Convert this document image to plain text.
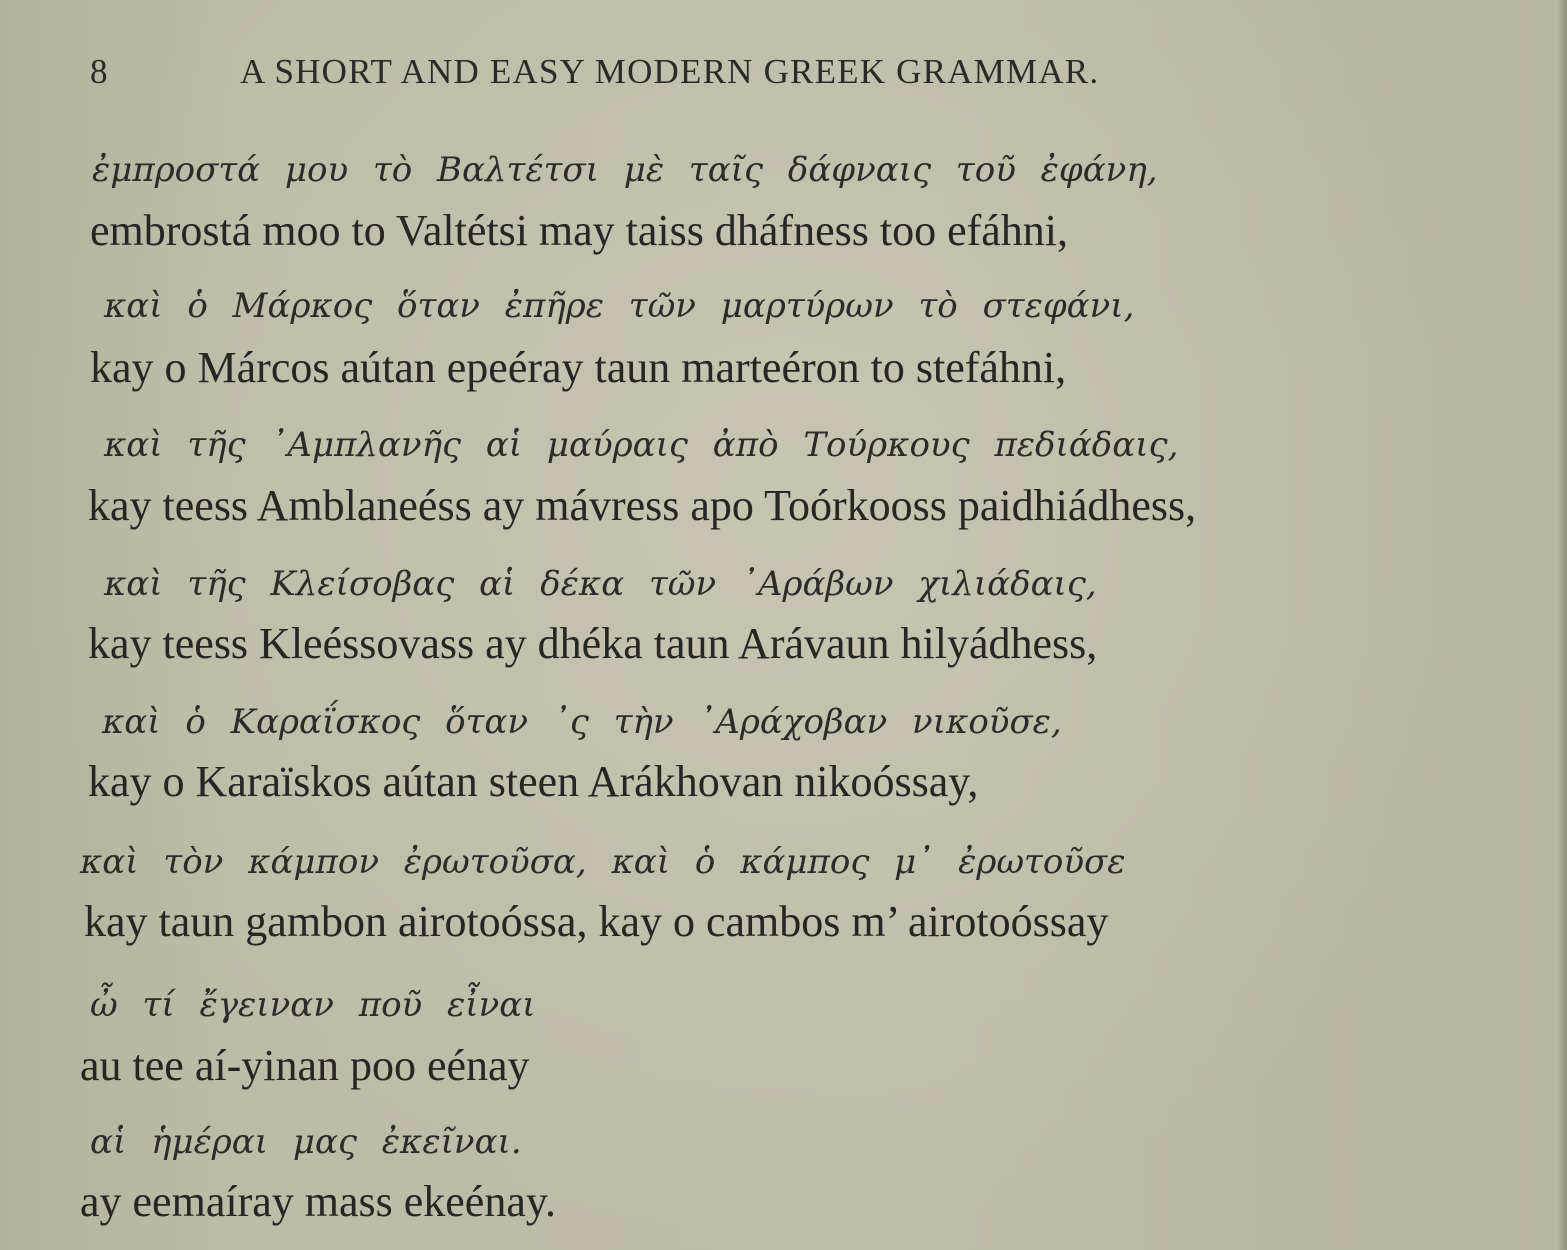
8	A SHORT AND EASY MODERN GREEK GRAMMAR.
ἐμπροστά μου τὸ Βαλτέτσι μὲ ταῖς δάφναις τοῦ ἐφάνη,
embrostá moo to Valtétsi may taiss dháfness too efáhni,
καὶ ὁ Μάρκος ὅταν ἐπῆρε τῶν μαρτύρων τὸ στεφάνι,
kay o Márcos aútan epeéray taun marteéron to stefáhni,
καὶ τῆς ᾿Αμπλανῆς αἱ μαύραις ἀπὸ Τούρκους πεδιάδαις,
kay teess Amblaneéss ay mávress apo Toórkooss paidhiádhess,
καὶ τῆς Κλείσοβας αἱ δέκα τῶν ᾿Αράβων χιλιάδαις,
kay teess Kleéssovass ay dhéka taun Arávaun hilyádhess,
καὶ ὁ Καραΐσκος ὅταν ᾿ς τὴν ᾿Αράχοβαν νικοῦσε,
kay o Karaïskos aútan steen Arákhovan nikoóssay,
καὶ τὸν κάμπον ἐρωτοῦσα, καὶ ὁ κάμπος μ᾿ ἐρωτοῦσε
kay taun gambon airotoóssa, kay o cambos m’ airotoóssay
ὦ τί ἔγειναν ποῦ εἶναι
au tee aí-yinan poo eénay
αἱ ἡμέραι μας ἐκεῖναι.
ay eemaíray mass ekeénay.
